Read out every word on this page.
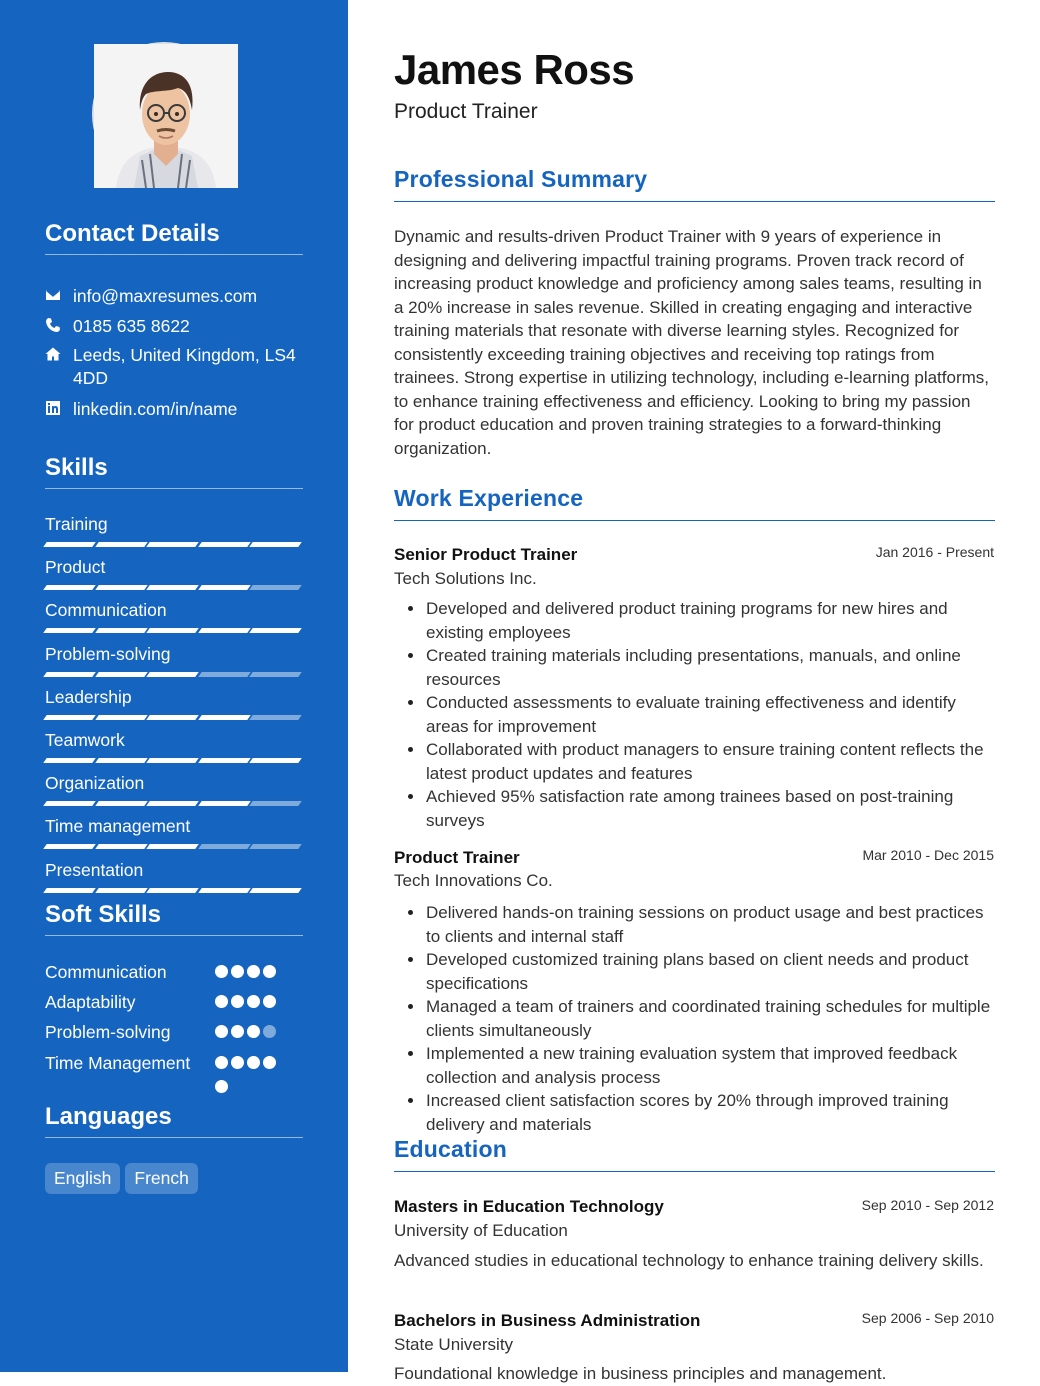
Contact Details
info@maxresumes.com
0185 635 8622
Leeds, United Kingdom, LS4 4DD
linkedin.com/in/name
Skills
Training
Product
Communication
Problem-solving
Leadership
Teamwork
Organization
Time management
Presentation
Soft Skills
Communication
Adaptability
Problem-solving
Time Management
Languages
English	French
James Ross
Product Trainer
Professional Summary
Dynamic and results-driven Product Trainer with 9 years of experience in designing and delivering impactful training programs. Proven track record of increasing product knowledge and proficiency among sales teams, resulting in a 20% increase in sales revenue. Skilled in creating engaging and interactive training materials that resonate with diverse learning styles. Recognized for consistently exceeding training objectives and receiving top ratings from trainees. Strong expertise in utilizing technology, including e-learning platforms, to enhance training effectiveness and efficiency. Looking to bring my passion for product education and proven training strategies to a forward-thinking organization.
Work Experience
Senior Product Trainer	Jan 2016 - Present
Tech Solutions Inc.
Developed and delivered product training programs for new hires and existing employees
Created training materials including presentations, manuals, and online resources
Conducted assessments to evaluate training effectiveness and identify areas for improvement
Collaborated with product managers to ensure training content reflects the latest product updates and features
Achieved 95% satisfaction rate among trainees based on post-training surveys
Product Trainer	Mar 2010 - Dec 2015
Tech Innovations Co.
Delivered hands-on training sessions on product usage and best practices to clients and internal staff
Developed customized training plans based on client needs and product specifications
Managed a team of trainers and coordinated training schedules for multiple clients simultaneously
Implemented a new training evaluation system that improved feedback collection and analysis process
Increased client satisfaction scores by 20% through improved training delivery and materials
Education
Masters in Education Technology	Sep 2010 - Sep 2012
University of Education
Advanced studies in educational technology to enhance training delivery skills.
Bachelors in Business Administration	Sep 2006 - Sep 2010
State University
Foundational knowledge in business principles and management.
